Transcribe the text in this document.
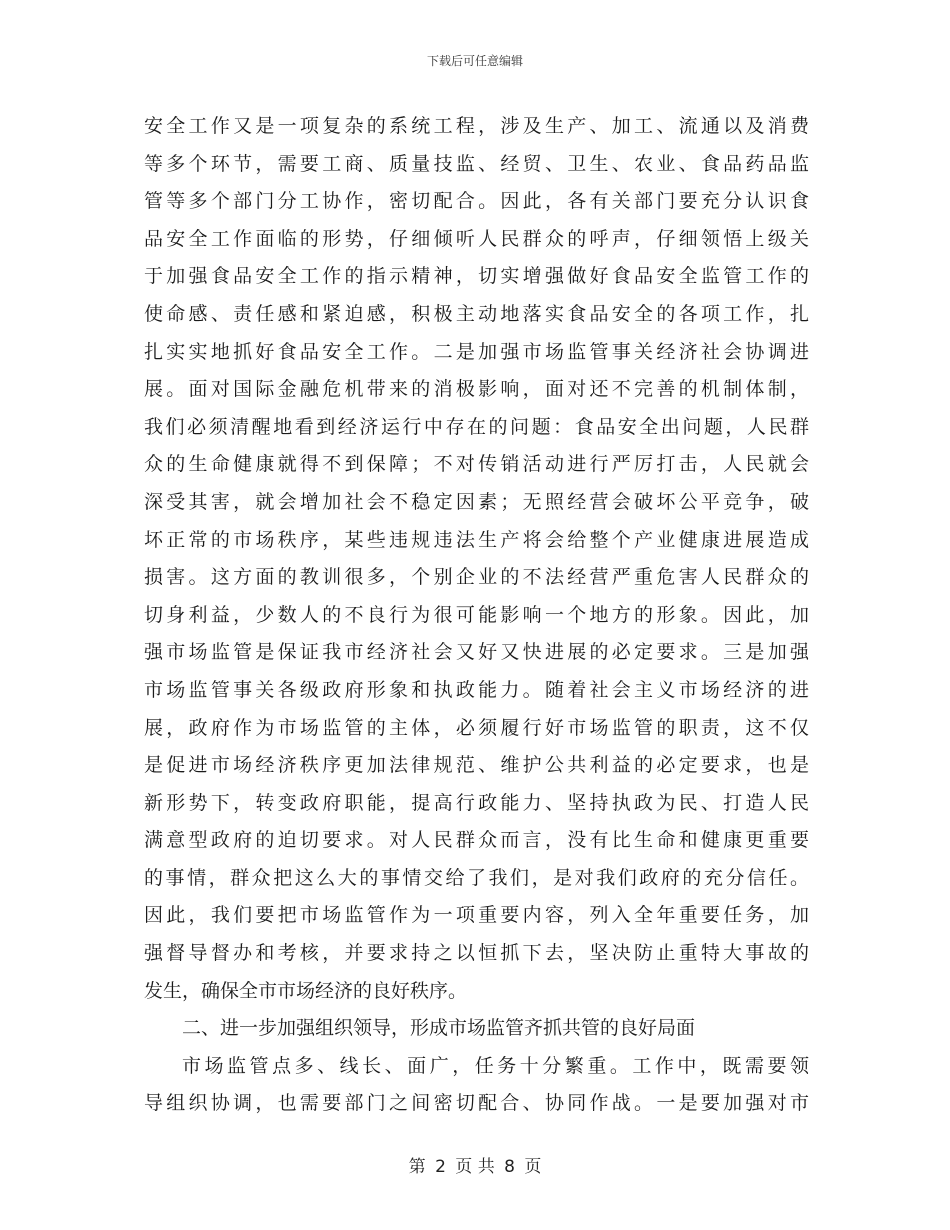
下载后可任意编辑
安全工作又是一项复杂的系统工程，涉及生产、加工、流通以及消费
等多个环节，需要工商、质量技监、经贸、卫生、农业、食品药品监
管等多个部门分工协作，密切配合。因此，各有关部门要充分认识食
品安全工作面临的形势，仔细倾听人民群众的呼声，仔细领悟上级关
于加强食品安全工作的指示精神，切实增强做好食品安全监管工作的
使命感、责任感和紧迫感，积极主动地落实食品安全的各项工作，扎
扎实实地抓好食品安全工作。二是加强市场监管事关经济社会协调进
展。面对国际金融危机带来的消极影响，面对还不完善的机制体制，
我们必须清醒地看到经济运行中存在的问题：食品安全出问题，人民群
众的生命健康就得不到保障；不对传销活动进行严厉打击，人民就会
深受其害，就会增加社会不稳定因素；无照经营会破坏公平竞争，破
坏正常的市场秩序，某些违规违法生产将会给整个产业健康进展造成
损害。这方面的教训很多，个别企业的不法经营严重危害人民群众的
切身利益，少数人的不良行为很可能影响一个地方的形象。因此，加
强市场监管是保证我市经济社会又好又快进展的必定要求。三是加强
市场监管事关各级政府形象和执政能力。随着社会主义市场经济的进
展，政府作为市场监管的主体，必须履行好市场监管的职责，这不仅
是促进市场经济秩序更加法律规范、维护公共利益的必定要求，也是
新形势下，转变政府职能，提高行政能力、坚持执政为民、打造人民
满意型政府的迫切要求。对人民群众而言，没有比生命和健康更重要
的事情，群众把这么大的事情交给了我们，是对我们政府的充分信任。
因此，我们要把市场监管作为一项重要内容，列入全年重要任务，加
强督导督办和考核，并要求持之以恒抓下去，坚决防止重特大事故的
发生，确保全市市场经济的良好秩序。
二、进一步加强组织领导，形成市场监管齐抓共管的良好局面
市场监管点多、线长、面广，任务十分繁重。工作中，既需要领
导组织协调，也需要部门之间密切配合、协同作战。一是要加强对市
第 2 页 共 8 页
